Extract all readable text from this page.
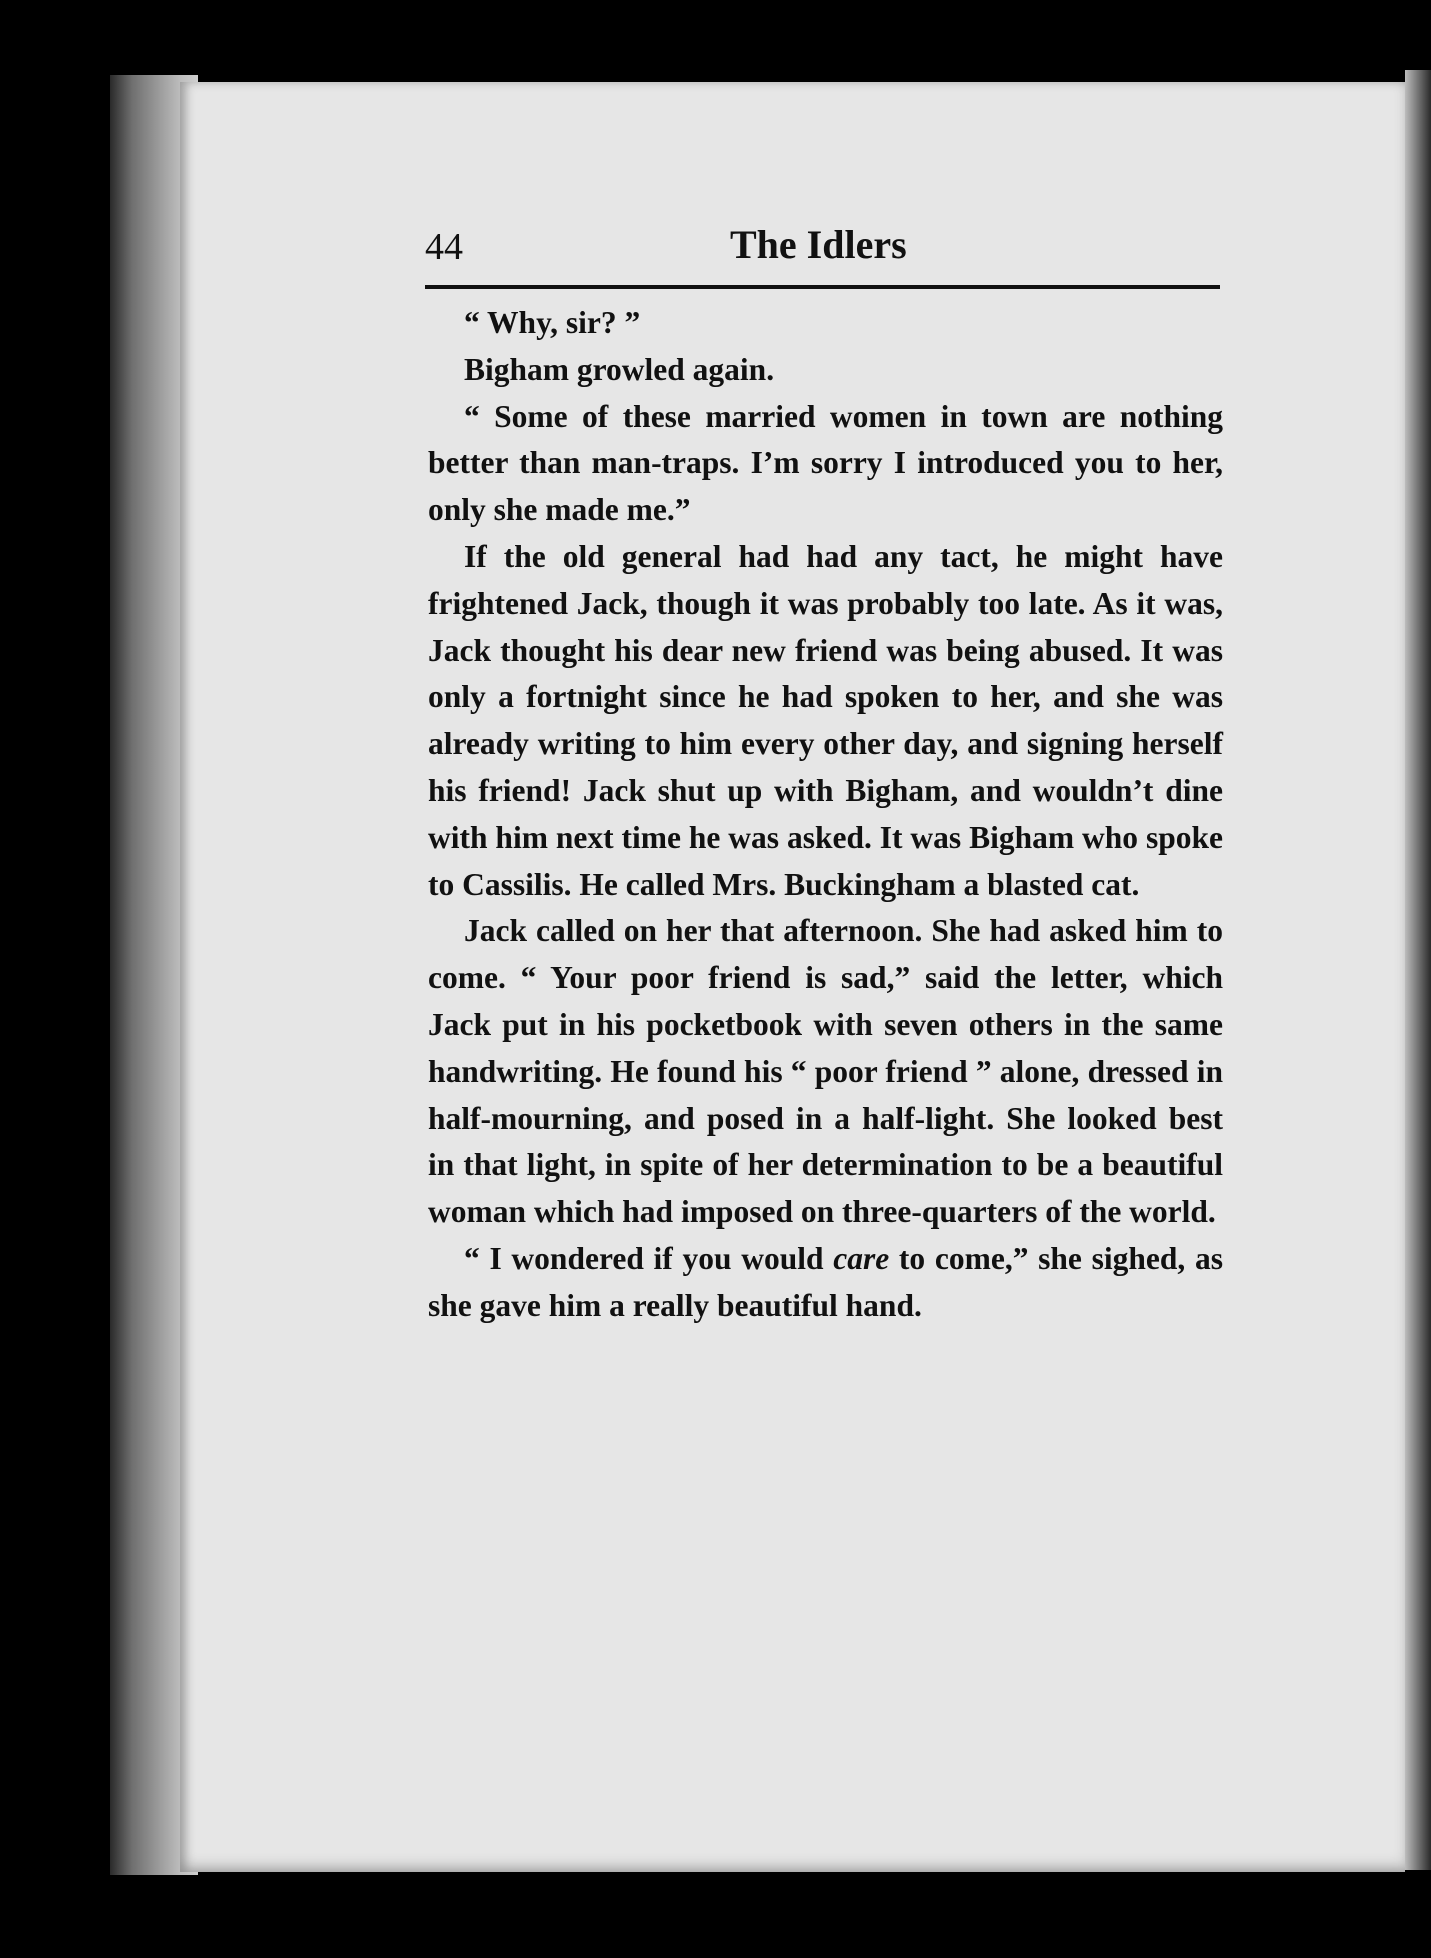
44	The Idlers

“ Why, sir? ”

Bigham growled again.

“ Some of these married women in town are nothing better than man-traps. I’m sorry I introduced you to her, only she made me.”

If the old general had had any tact, he might have frightened Jack, though it was probably too late. As it was, Jack thought his dear new friend was being abused. It was only a fortnight since he had spoken to her, and she was already writing to him every other day, and signing herself his friend! Jack shut up with Bigham, and wouldn’t dine with him next time he was asked. It was Bigham who spoke to Cassilis. He called Mrs. Buckingham a blasted cat.

Jack called on her that afternoon. She had asked him to come. “ Your poor friend is sad,” said the letter, which Jack put in his pocketbook with seven others in the same handwriting. He found his “ poor friend ” alone, dressed in half-mourning, and posed in a half-light. She looked best in that light, in spite of her determination to be a beautiful woman which had imposed on three-quarters of the world.

“ I wondered if you would care to come,” she sighed, as she gave him a really beautiful hand.
